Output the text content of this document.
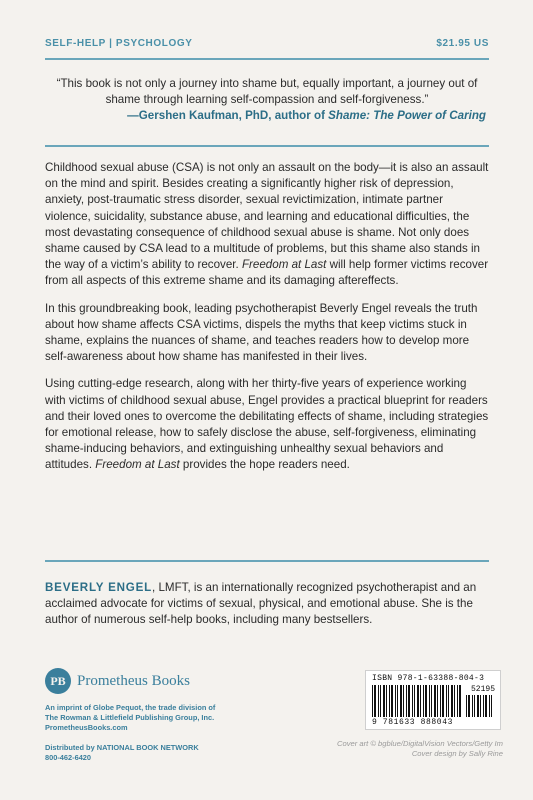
SELF-HELP | PSYCHOLOGY	$21.95 US
“This book is not only a journey into shame but, equally important, a journey out of shame through learning self-compassion and self-forgiveness.”
—Gershen Kaufman, PhD, author of Shame: The Power of Caring

Childhood sexual abuse (CSA) is not only an assault on the body—it is also an assault on the mind and spirit. Besides creating a significantly higher risk of depression, anxiety, post-traumatic stress disorder, sexual revictimization, intimate partner violence, suicidality, substance abuse, and learning and educational difficulties, the most devastating consequence of childhood sexual abuse is shame. Not only does shame caused by CSA lead to a multitude of problems, but this shame also stands in the way of a victim’s ability to recover. Freedom at Last will help former victims recover from all aspects of this extreme shame and its damaging aftereffects.

In this groundbreaking book, leading psychotherapist Beverly Engel reveals the truth about how shame affects CSA victims, dispels the myths that keep victims stuck in shame, explains the nuances of shame, and teaches readers how to develop more self-awareness about how shame has manifested in their lives.

Using cutting-edge research, along with her thirty-five years of experience working with victims of childhood sexual abuse, Engel provides a practical blueprint for readers and their loved ones to overcome the debilitating effects of shame, including strategies for emotional release, how to safely disclose the abuse, self-forgiveness, eliminating shame-inducing behaviors, and extinguishing unhealthy sexual behaviors and attitudes. Freedom at Last provides the hope readers need.

BEVERLY ENGEL, LMFT, is an internationally recognized psychotherapist and an acclaimed advocate for victims of sexual, physical, and emotional abuse. She is the author of numerous self-help books, including many bestsellers.
PB Prometheus Books
An imprint of Globe Pequot, the trade division of
The Rowman & Littlefield Publishing Group, Inc.
PrometheusBooks.com
Distributed by NATIONAL BOOK NETWORK
800-462-6420
ISBN 978-1-63388-804-3
52195
9 781633 888043
Cover art © bgblue/DigitalVision Vectors/Getty Im
Cover design by Sally Rine
